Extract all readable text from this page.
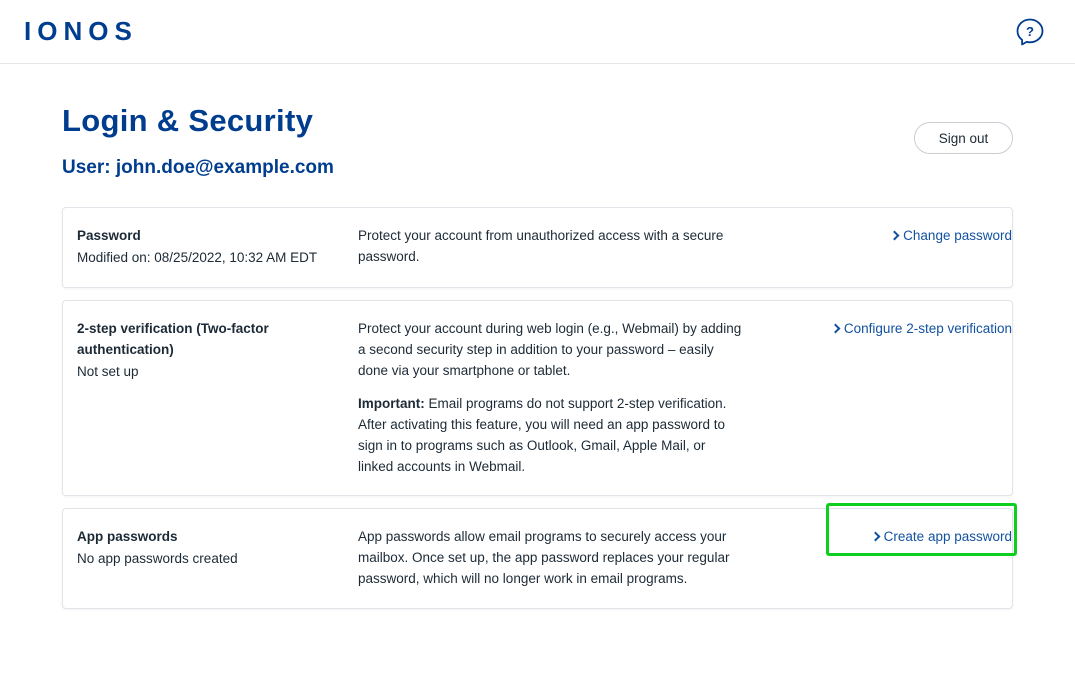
IONOS	?
Login & Security
User: john.doe@example.com
Sign out
Password
Modified on: 08/25/2022, 10:32 AM EDT

Protect your account from unauthorized access with a secure password.

Change password
2-step verification (Two-factor authentication)
Not set up

Protect your account during web login (e.g., Webmail) by adding a second security step in addition to your password – easily done via your smartphone or tablet.

Important: Email programs do not support 2-step verification. After activating this feature, you will need an app password to sign in to programs such as Outlook, Gmail, Apple Mail, or linked accounts in Webmail.

Configure 2-step verification
App passwords
No app passwords created

App passwords allow email programs to securely access your mailbox. Once set up, the app password replaces your regular password, which will no longer work in email programs.

Create app password
